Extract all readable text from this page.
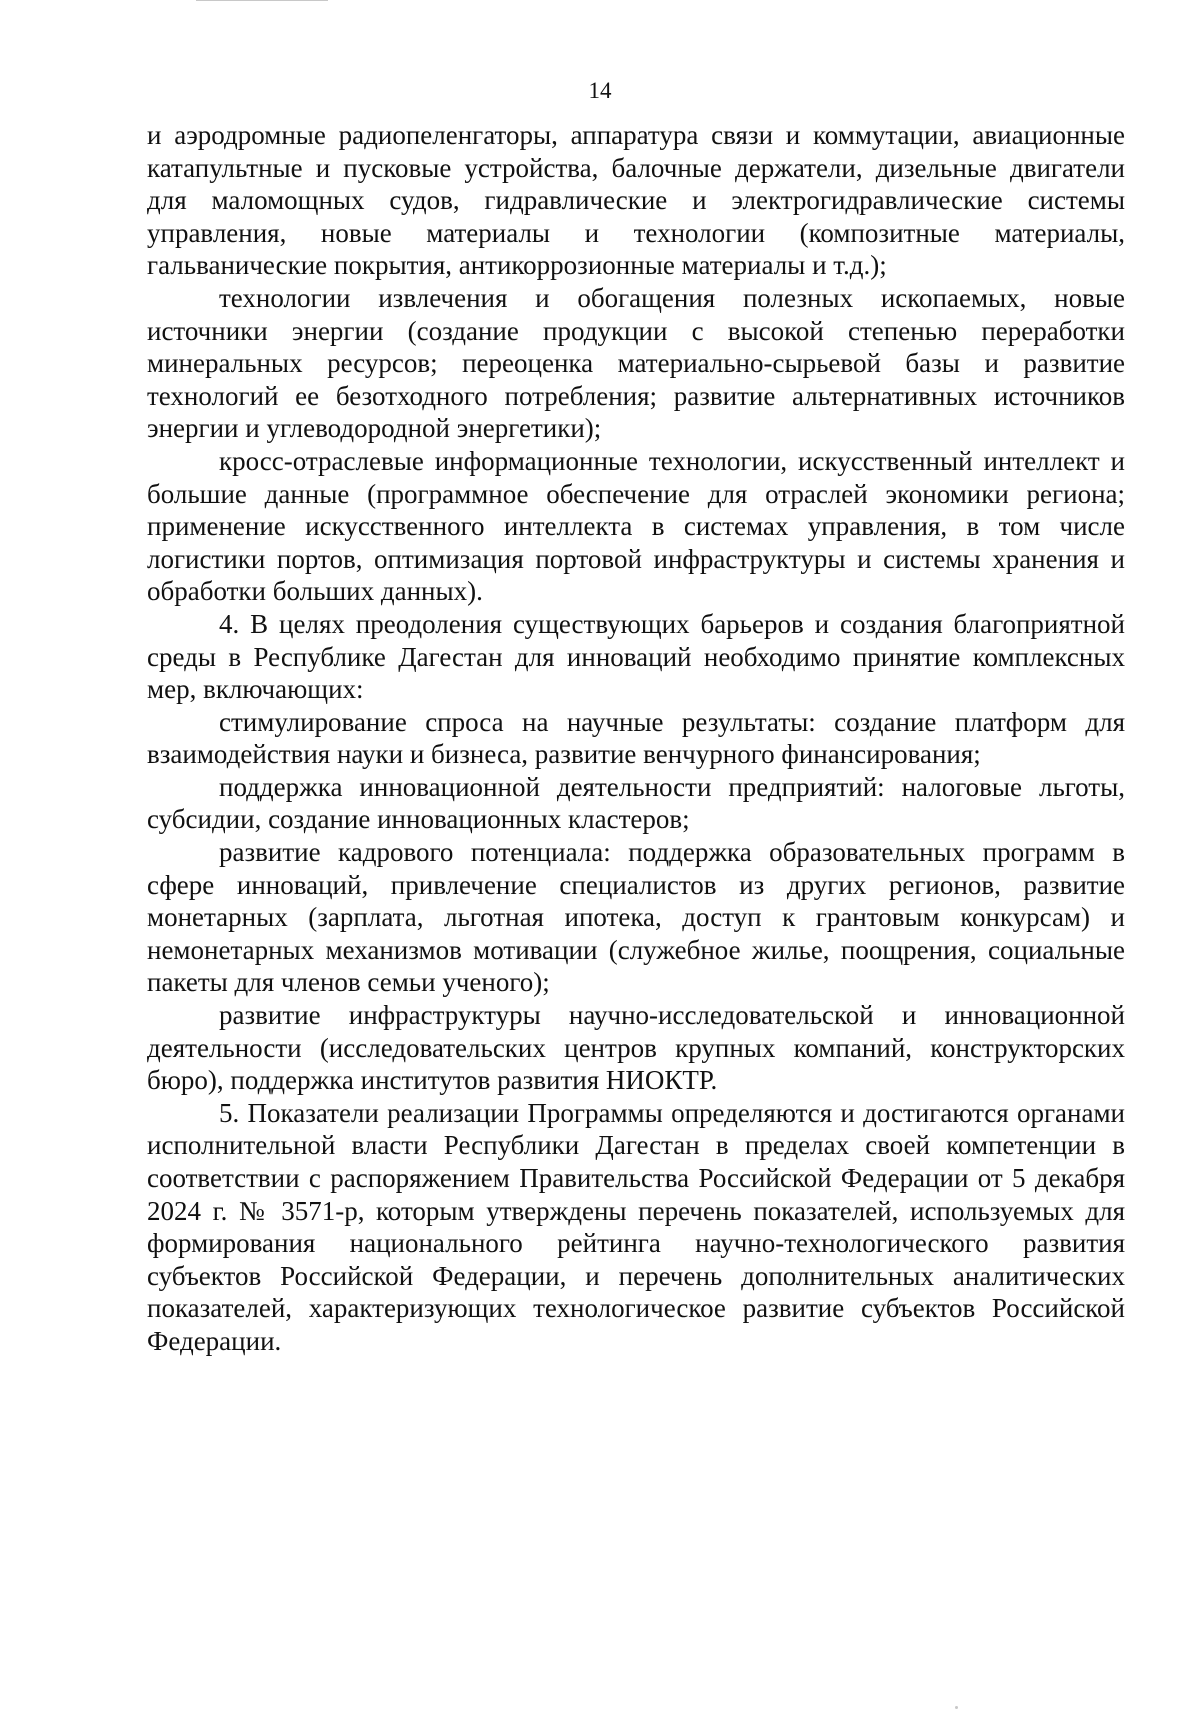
14

и аэродромные радиопеленгаторы, аппаратура связи и коммутации, авиационные катапультные и пусковые устройства, балочные держатели, дизельные двигатели для маломощных судов, гидравлические и электрогидравлические системы управления, новые материалы и технологии (композитные материалы, гальванические покрытия, антикоррозионные материалы и т.д.);

технологии извлечения и обогащения полезных ископаемых, новые источники энергии (создание продукции с высокой степенью переработки минеральных ресурсов; переоценка материально-сырьевой базы и развитие технологий ее безотходного потребления; развитие альтернативных источников энергии и углеводородной энергетики);

кросс-отраслевые информационные технологии, искусственный интеллект и большие данные (программное обеспечение для отраслей экономики региона; применение искусственного интеллекта в системах управления, в том числе логистики портов, оптимизация портовой инфраструктуры и системы хранения и обработки больших данных).

4. В целях преодоления существующих барьеров и создания благоприятной среды в Республике Дагестан для инноваций необходимо принятие комплексных мер, включающих:

стимулирование спроса на научные результаты: создание платформ для взаимодействия науки и бизнеса, развитие венчурного финансирования;

поддержка инновационной деятельности предприятий: налоговые льготы, субсидии, создание инновационных кластеров;

развитие кадрового потенциала: поддержка образовательных программ в сфере инноваций, привлечение специалистов из других регионов, развитие монетарных (зарплата, льготная ипотека, доступ к грантовым конкурсам) и немонетарных механизмов мотивации (служебное жилье, поощрения, социальные пакеты для членов семьи ученого);

развитие инфраструктуры научно-исследовательской и инновационной деятельности (исследовательских центров крупных компаний, конструкторских бюро), поддержка институтов развития НИОКТР.

5. Показатели реализации Программы определяются и достигаются органами исполнительной власти Республики Дагестан в пределах своей компетенции в соответствии с распоряжением Правительства Российской Федерации от 5 декабря 2024 г. № 3571-р, которым утверждены перечень показателей, используемых для формирования национального рейтинга научно-технологического развития субъектов Российской Федерации, и перечень дополнительных аналитических показателей, характеризующих технологическое развитие субъектов Российской Федерации.
